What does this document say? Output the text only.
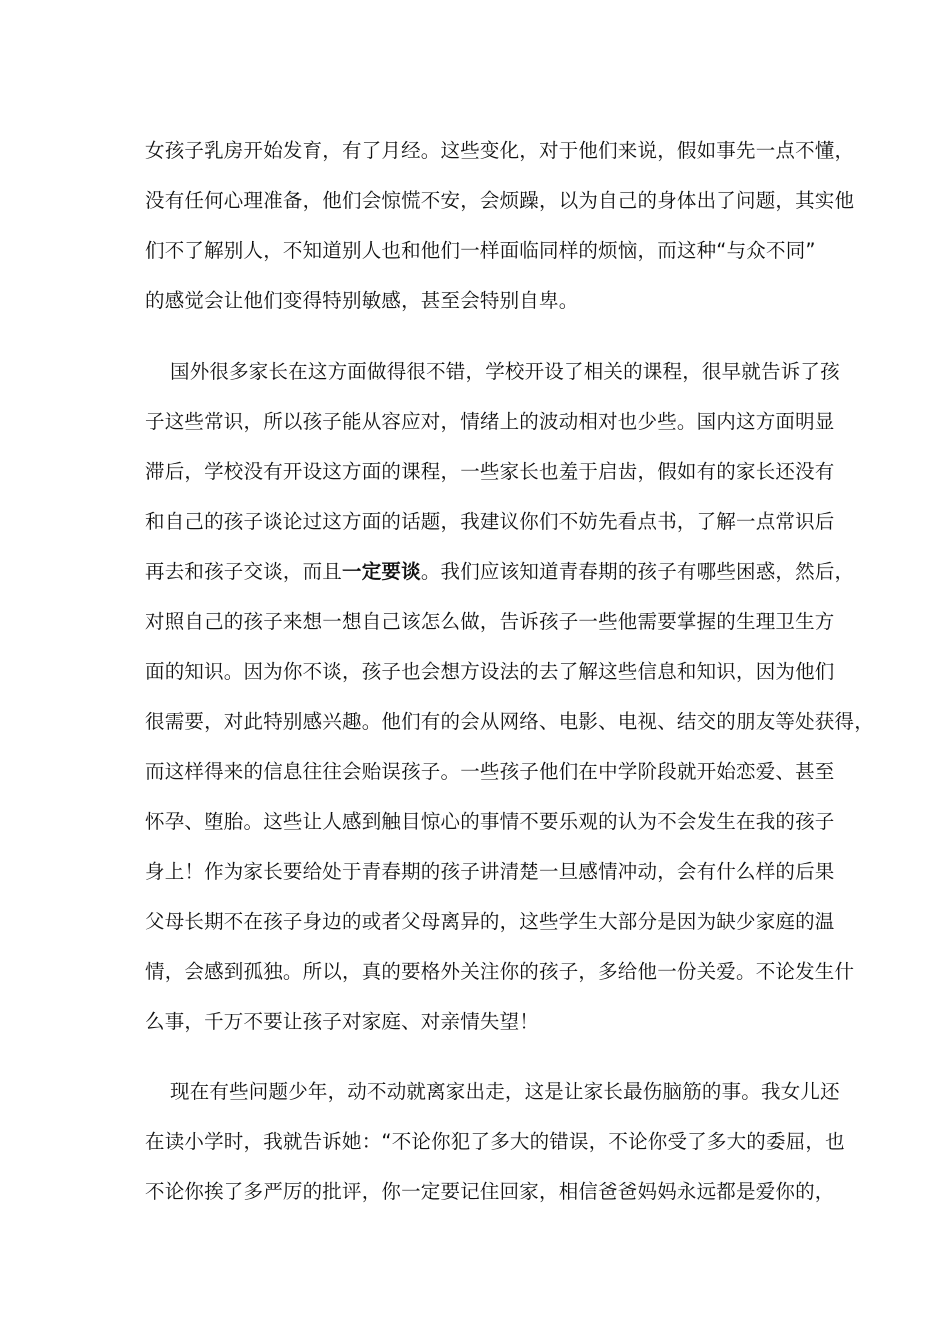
女孩子乳房开始发育，有了月经。这些变化，对于他们来说，假如事先一点不懂，
没有任何心理准备，他们会惊慌不安，会烦躁，以为自己的身体出了问题，其实他
们不了解别人，不知道别人也和他们一样面临同样的烦恼，而这种“与众不同”
的感觉会让他们变得特别敏感，甚至会特别自卑。
国外很多家长在这方面做得很不错，学校开设了相关的课程，很早就告诉了孩
子这些常识，所以孩子能从容应对，情绪上的波动相对也少些。国内这方面明显
滞后，学校没有开设这方面的课程，一些家长也羞于启齿，假如有的家长还没有
和自己的孩子谈论过这方面的话题，我建议你们不妨先看点书，了解一点常识后
再去和孩子交谈，而且一定要谈。我们应该知道青春期的孩子有哪些困惑，然后，
对照自己的孩子来想一想自己该怎么做，告诉孩子一些他需要掌握的生理卫生方
面的知识。因为你不谈，孩子也会想方设法的去了解这些信息和知识，因为他们
很需要，对此特别感兴趣。他们有的会从网络、电影、电视、结交的朋友等处获得，
而这样得来的信息往往会贻误孩子。一些孩子他们在中学阶段就开始恋爱、甚至
怀孕、堕胎。这些让人感到触目惊心的事情不要乐观的认为不会发生在我的孩子
身上！作为家长要给处于青春期的孩子讲清楚一旦感情冲动，会有什么样的后果
父母长期不在孩子身边的或者父母离异的，这些学生大部分是因为缺少家庭的温
情，会感到孤独。所以，真的要格外关注你的孩子，多给他一份关爱。不论发生什
么事，千万不要让孩子对家庭、对亲情失望！
现在有些问题少年，动不动就离家出走，这是让家长最伤脑筋的事。我女儿还
在读小学时，我就告诉她：“不论你犯了多大的错误，不论你受了多大的委屈，也
不论你挨了多严厉的批评，你一定要记住回家，相信爸爸妈妈永远都是爱你的，
